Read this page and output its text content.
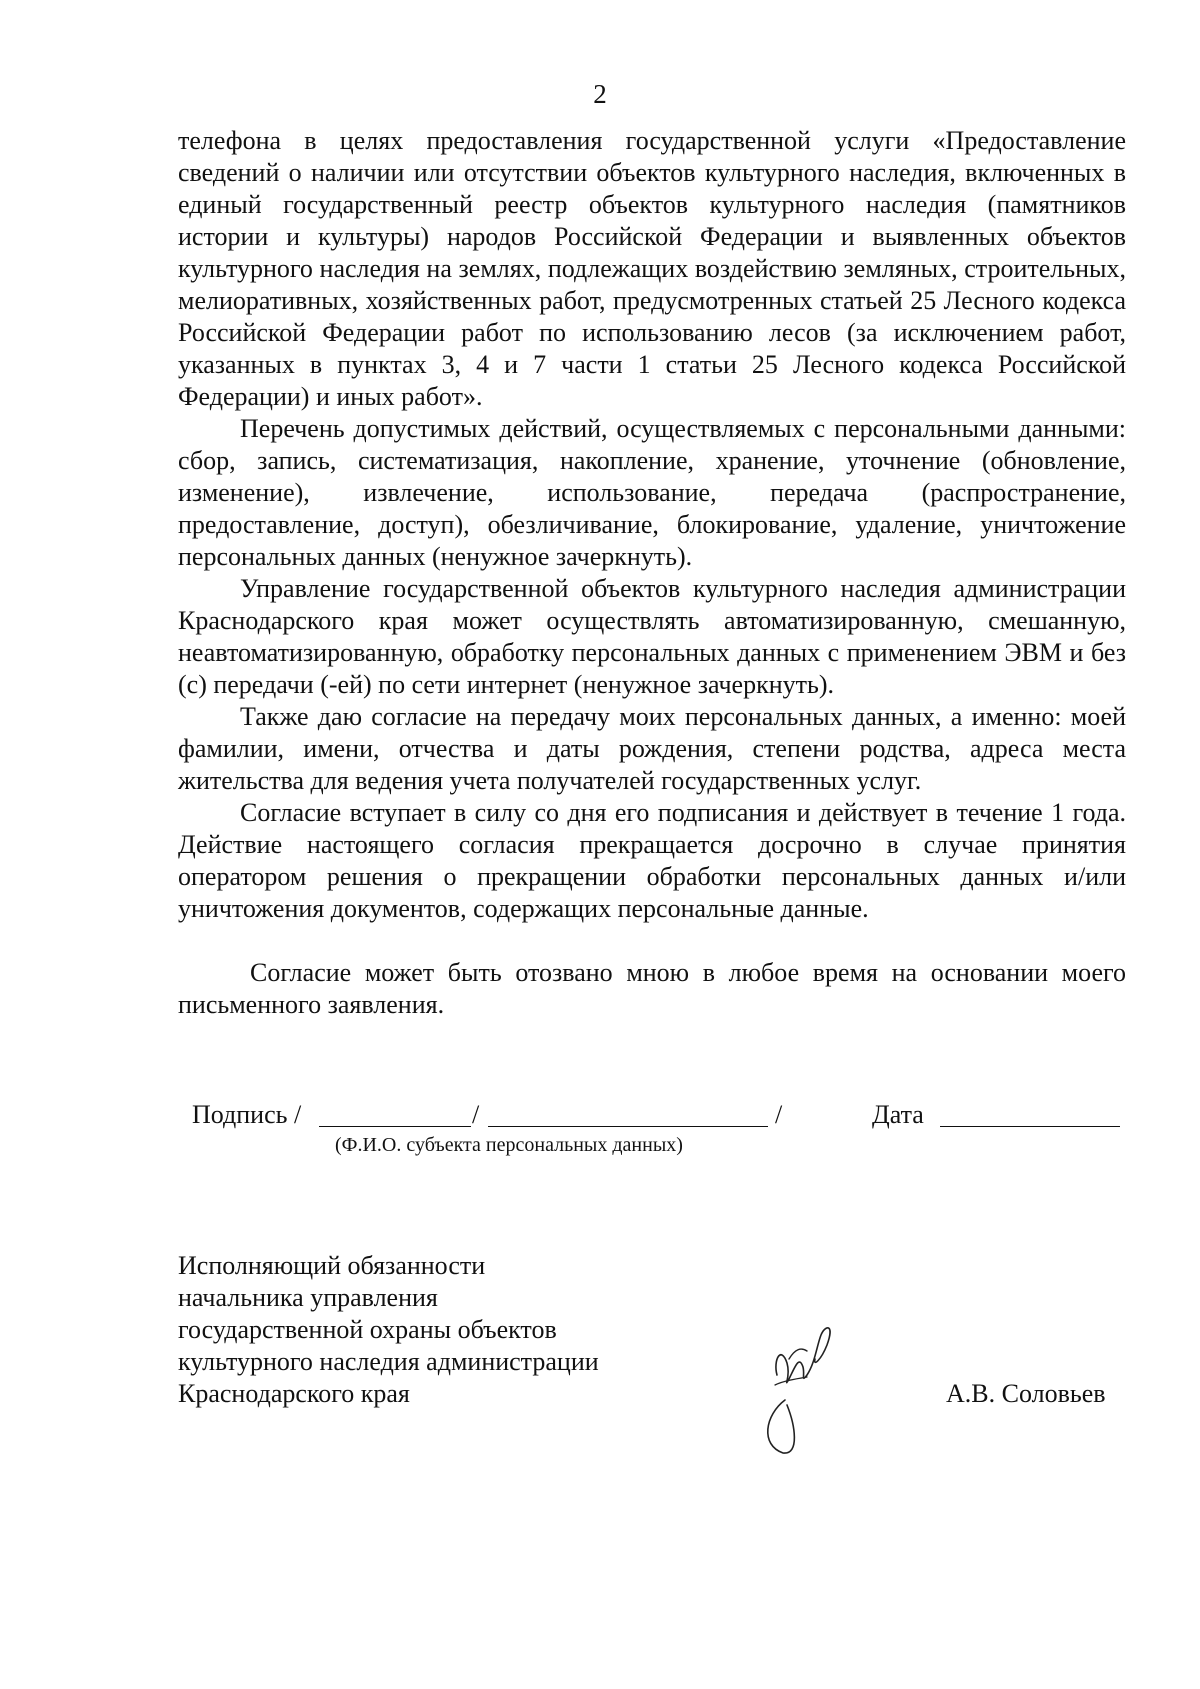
2

телефона в целях предоставления государственной услуги «Предоставление сведений о наличии или отсутствии объектов культурного наследия, включенных в единый государственный реестр объектов культурного наследия (памятников истории и культуры) народов Российской Федерации и выявленных объектов культурного наследия на землях, подлежащих воздействию земляных, строительных, мелиоративных, хозяйственных работ, предусмотренных статьей 25 Лесного кодекса Российской Федерации работ по использованию лесов (за исключением работ, указанных в пунктах 3, 4 и 7 части 1 статьи 25 Лесного кодекса Российской Федерации) и иных работ».

Перечень допустимых действий, осуществляемых с персональными данными: сбор, запись, систематизация, накопление, хранение, уточнение (обновление, изменение), извлечение, использование, передача (распространение, предоставление, доступ), обезличивание, блокирование, удаление, уничтожение персональных данных (ненужное зачеркнуть).

Управление государственной объектов культурного наследия администрации Краснодарского края может осуществлять автоматизированную, смешанную, неавтоматизированную, обработку персональных данных с применением ЭВМ и без (с) передачи (-ей) по сети интернет (ненужное зачеркнуть).

Также даю согласие на передачу моих персональных данных, а именно: моей фамилии, имени, отчества и даты рождения, степени родства, адреса места жительства для ведения учета получателей государственных услуг.

Согласие вступает в силу со дня его подписания и действует в течение 1 года. Действие настоящего согласия прекращается досрочно в случае принятия оператором решения о прекращении обработки персональных данных и/или уничтожения документов, содержащих персональные данные.

Согласие может быть отозвано мною в любое время на основании моего письменного заявления.

Подпись /	/	/	Дата
(Ф.И.О. субъекта персональных данных)
Исполняющий обязанности
начальника управления
государственной охраны объектов
культурного наследия администрации
Краснодарского края	А.В. Соловьев
